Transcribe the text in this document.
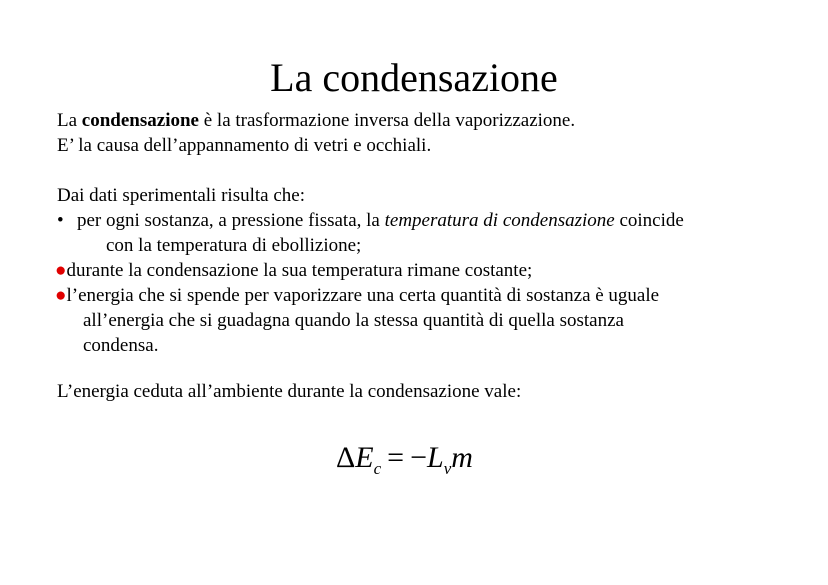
La condensazione
La condensazione è la trasformazione inversa della vaporizzazione.
E’ la causa dell’appannamento di vetri e occhiali.
Dai dati sperimentali risulta che:
• per ogni sostanza, a pressione fissata, la temperatura di condensazione coincide
con la temperatura di ebollizione;
●durante la condensazione la sua temperatura rimane costante;
●l’energia che si spende per vaporizzare una certa quantità di sostanza è uguale
all’energia che si guadagna quando la stessa quantità di quella sostanza
condensa.
L’energia ceduta all’ambiente durante la condensazione vale:
$\Delta E_c = -L_vm$
